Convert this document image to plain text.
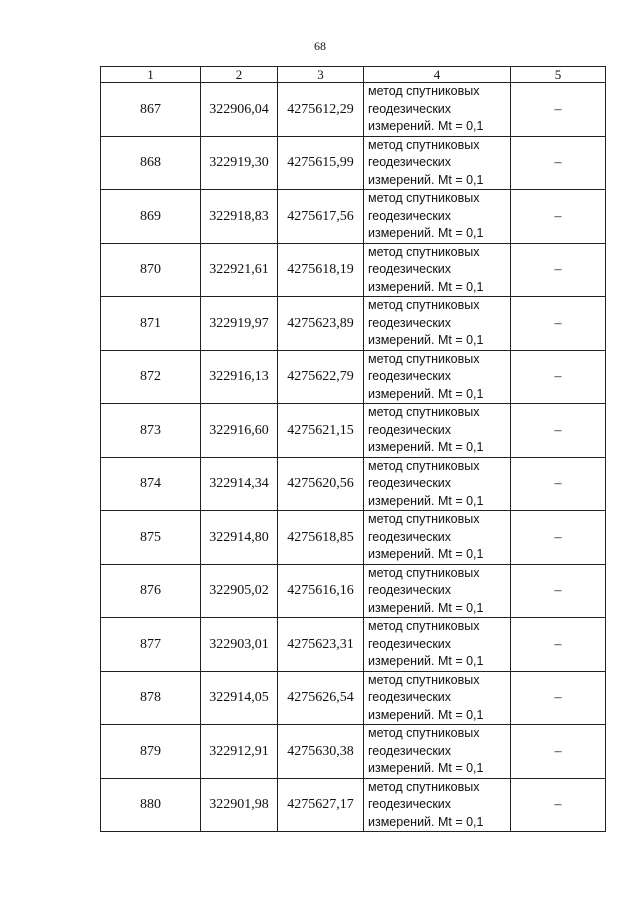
68
1	2	3	4	5
867	322906,04	4275612,29	метод спутниковых
геодезических
измерений. Mt = 0,1	–
868	322919,30	4275615,99	метод спутниковых
геодезических
измерений. Mt = 0,1	–
869	322918,83	4275617,56	метод спутниковых
геодезических
измерений. Mt = 0,1	–
870	322921,61	4275618,19	метод спутниковых
геодезических
измерений. Mt = 0,1	–
871	322919,97	4275623,89	метод спутниковых
геодезических
измерений. Mt = 0,1	–
872	322916,13	4275622,79	метод спутниковых
геодезических
измерений. Mt = 0,1	–
873	322916,60	4275621,15	метод спутниковых
геодезических
измерений. Mt = 0,1	–
874	322914,34	4275620,56	метод спутниковых
геодезических
измерений. Mt = 0,1	–
875	322914,80	4275618,85	метод спутниковых
геодезических
измерений. Mt = 0,1	–
876	322905,02	4275616,16	метод спутниковых
геодезических
измерений. Mt = 0,1	–
877	322903,01	4275623,31	метод спутниковых
геодезических
измерений. Mt = 0,1	–
878	322914,05	4275626,54	метод спутниковых
геодезических
измерений. Mt = 0,1	–
879	322912,91	4275630,38	метод спутниковых
геодезических
измерений. Mt = 0,1	–
880	322901,98	4275627,17	метод спутниковых
геодезических
измерений. Mt = 0,1	–
